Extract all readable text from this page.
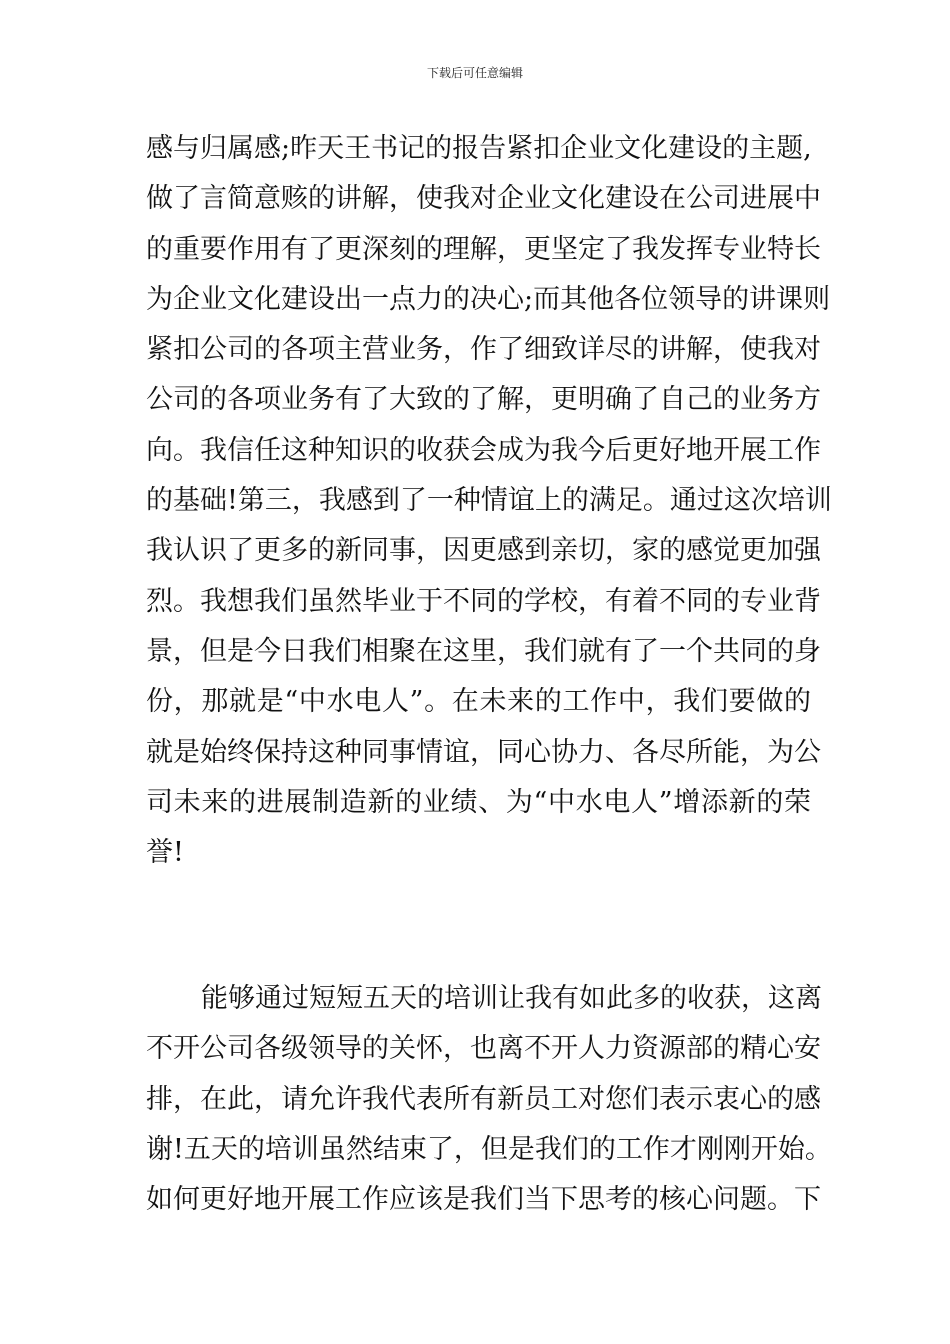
下载后可任意编辑
感与归属感;昨天王书记的报告紧扣企业文化建设的主题,
做了言简意赅的讲解，使我对企业文化建设在公司进展中
的重要作用有了更深刻的理解，更坚定了我发挥专业特长
为企业文化建设出一点力的决心;而其他各位领导的讲课则
紧扣公司的各项主营业务，作了细致详尽的讲解，使我对
公司的各项业务有了大致的了解，更明确了自己的业务方
向。我信任这种知识的收获会成为我今后更好地开展工作
的基础!第三，我感到了一种情谊上的满足。通过这次培训
我认识了更多的新同事，因更感到亲切，家的感觉更加强
烈。我想我们虽然毕业于不同的学校，有着不同的专业背
景，但是今日我们相聚在这里，我们就有了一个共同的身
份，那就是“中水电人”。在未来的工作中，我们要做的
就是始终保持这种同事情谊，同心协力、各尽所能，为公
司未来的进展制造新的业绩、为“中水电人”增添新的荣
誉!
能够通过短短五天的培训让我有如此多的收获，这离
不开公司各级领导的关怀，也离不开人力资源部的精心安
排，在此，请允许我代表所有新员工对您们表示衷心的感
谢!五天的培训虽然结束了，但是我们的工作才刚刚开始。
如何更好地开展工作应该是我们当下思考的核心问题。下
